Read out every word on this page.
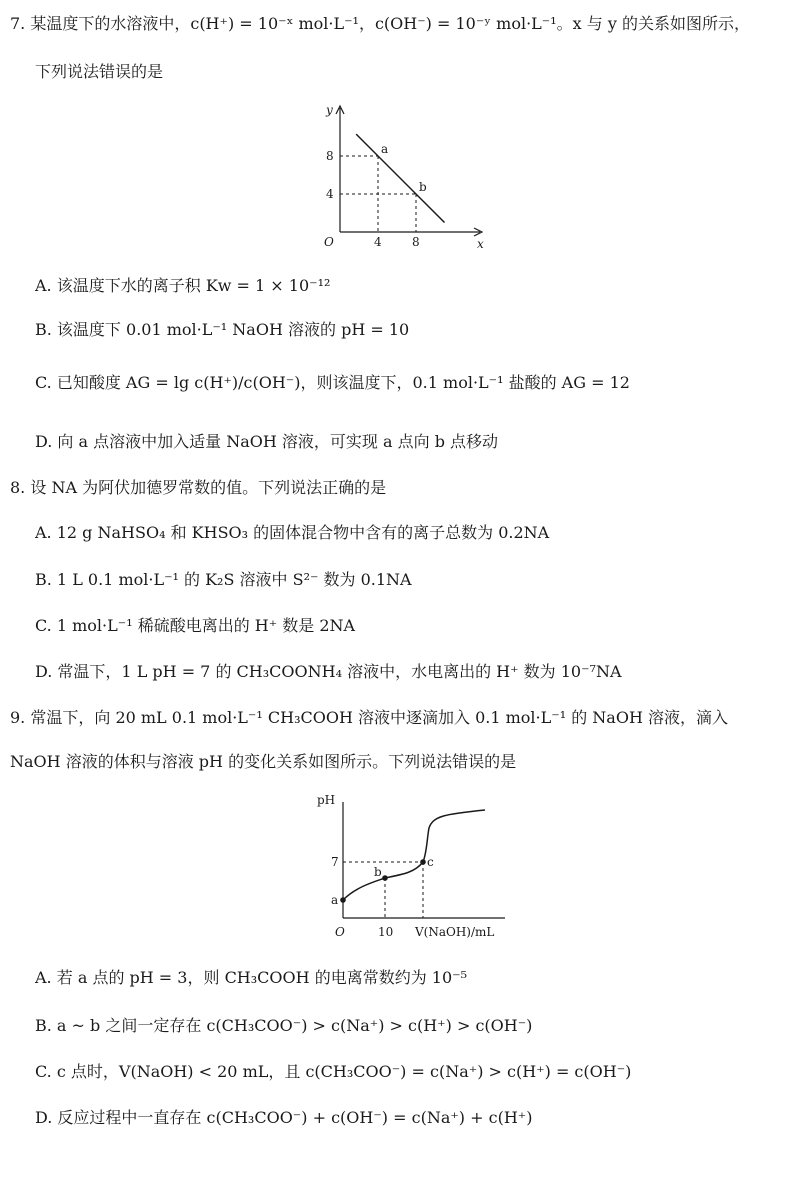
7. 某温度下的水溶液中，c(H⁺) = 10⁻ˣ mol·L⁻¹，c(OH⁻) = 10⁻ʸ mol·L⁻¹。x 与 y 的关系如图所示，
下列说法错误的是
y
x
O
a
b
8
4
4	8
A. 该温度下水的离子积 Kw = 1 × 10⁻¹²
B. 该温度下 0.01 mol·L⁻¹ NaOH 溶液的 pH = 10
C. 已知酸度 AG = lg c(H⁺)/c(OH⁻)，则该温度下，0.1 mol·L⁻¹ 盐酸的 AG = 12
D. 向 a 点溶液中加入适量 NaOH 溶液，可实现 a 点向 b 点移动
8. 设 NA 为阿伏加德罗常数的值。下列说法正确的是
A. 12 g NaHSO₄ 和 KHSO₃ 的固体混合物中含有的离子总数为 0.2NA
B. 1 L 0.1 mol·L⁻¹ 的 K₂S 溶液中 S²⁻ 数为 0.1NA
C. 1 mol·L⁻¹ 稀硫酸电离出的 H⁺ 数是 2NA
D. 常温下，1 L pH = 7 的 CH₃COONH₄ 溶液中，水电离出的 H⁺ 数为 10⁻⁷NA
9. 常温下，向 20 mL 0.1 mol·L⁻¹ CH₃COOH 溶液中逐滴加入 0.1 mol·L⁻¹ 的 NaOH 溶液，滴入
NaOH 溶液的体积与溶液 pH 的变化关系如图所示。下列说法错误的是
pH
O	V(NaOH)/mL
7
10
a
b
c
A. 若 a 点的 pH = 3，则 CH₃COOH 的电离常数约为 10⁻⁵
B. a ~ b 之间一定存在 c(CH₃COO⁻) > c(Na⁺) > c(H⁺) > c(OH⁻)
C. c 点时，V(NaOH) < 20 mL，且 c(CH₃COO⁻) = c(Na⁺) > c(H⁺) = c(OH⁻)
D. 反应过程中一直存在 c(CH₃COO⁻) + c(OH⁻) = c(Na⁺) + c(H⁺)
